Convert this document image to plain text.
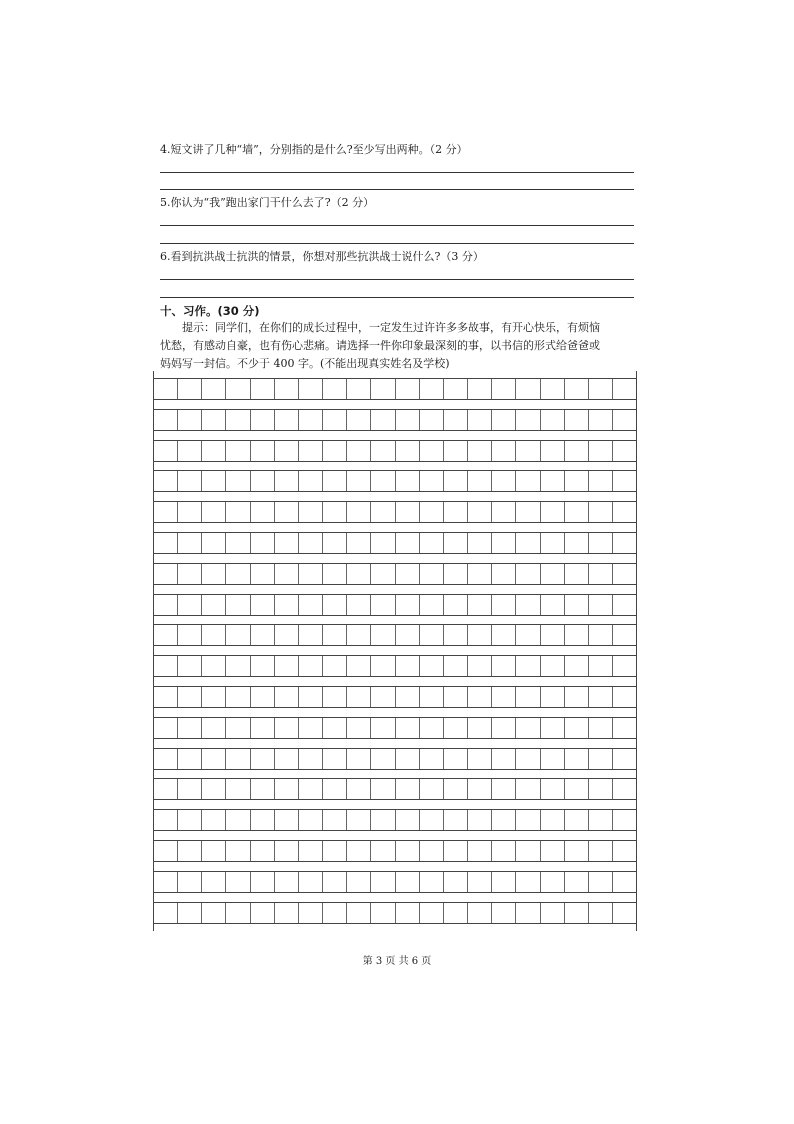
4.短文讲了几种“墙”，分别指的是什么?至少写出两种。（2 分）
5.你认为“我”跑出家门干什么去了?（2 分）
6.看到抗洪战士抗洪的情景，你想对那些抗洪战士说什么?（3 分）
十、习作。(30 分)
　　提示：同学们，在你们的成长过程中，一定发生过许许多多故事，有开心快乐，有烦恼
忧愁，有感动自豪，也有伤心悲痛。请选择一件你印象最深刻的事，以书信的形式给爸爸或
妈妈写一封信。不少于 400 字。(不能出现真实姓名及学校)
第 3 页 共 6 页
